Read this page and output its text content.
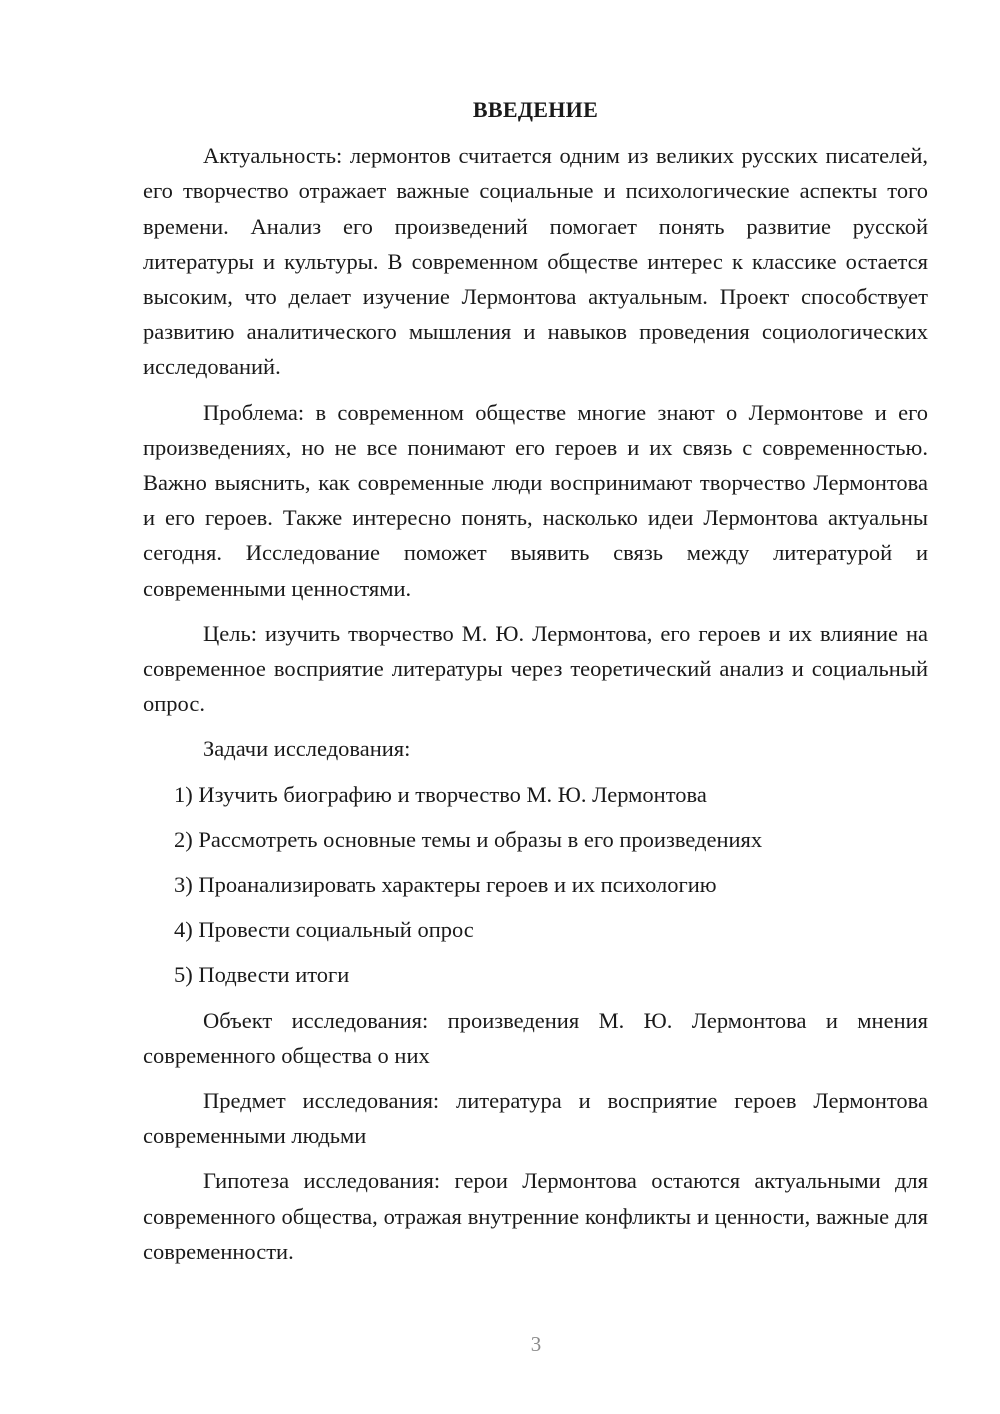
ВВЕДЕНИЕ

Актуальность: лермонтов считается одним из великих русских писателей, его творчество отражает важные социальные и психологические аспекты того времени. Анализ его произведений помогает понять развитие русской литературы и культуры. В современном обществе интерес к классике остается высоким, что делает изучение Лермонтова актуальным. Проект способствует развитию аналитического мышления и навыков проведения социологических исследований.

Проблема: в современном обществе многие знают о Лермонтове и его произведениях, но не все понимают его героев и их связь с современностью. Важно выяснить, как современные люди воспринимают творчество Лермонтова и его героев. Также интересно понять, насколько идеи Лермонтова актуальны сегодня. Исследование поможет выявить связь между литературой и современными ценностями.

Цель: изучить творчество М. Ю. Лермонтова, его героев и их влияние на современное восприятие литературы через теоретический анализ и социальный опрос.

Задачи исследования:

1) Изучить биографию и творчество М. Ю. Лермонтова

2) Рассмотреть основные темы и образы в его произведениях

3) Проанализировать характеры героев и их психологию

4) Провести социальный опрос

5) Подвести итоги

Объект исследования: произведения М. Ю. Лермонтова и мнения современного общества о них

Предмет исследования: литература и восприятие героев Лермонтова современными людьми

Гипотеза исследования: герои Лермонтова остаются актуальными для современного общества, отражая внутренние конфликты и ценности, важные для современности.

3
